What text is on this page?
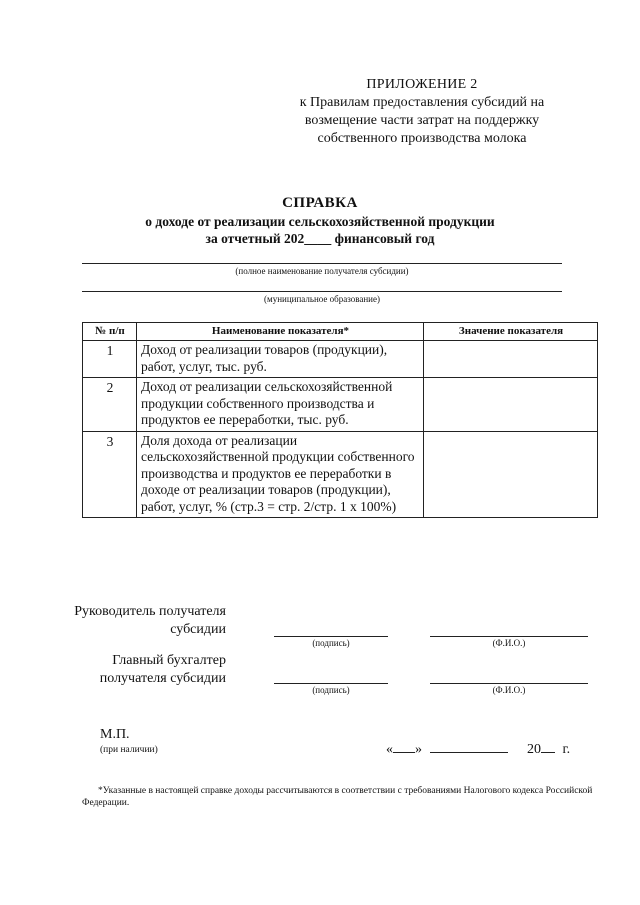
ПРИЛОЖЕНИЕ 2
к Правилам предоставления субсидий на возмещение части затрат на поддержку собственного производства молока
СПРАВКА
о доходе от реализации сельскохозяйственной продукции
за отчетный 202____ финансовый год
(полное наименование получателя субсидии)
(муниципальное образование)
№ п/п	Наименование показателя*	Значение показателя
1	Доход от реализации товаров (продукции), работ, услуг, тыс. руб.	
2	Доход от реализации сельскохозяйственной продукции собственного производства и продуктов ее переработки, тыс. руб.	
3	Доля дохода от реализации сельскохозяйственной продукции собственного производства и продуктов ее переработки в доходе от реализации товаров (продукции), работ, услуг, % (стр.3 = стр. 2/стр. 1 х 100%)	
Руководитель получателя субсидии
(подпись)	(Ф.И.О.)
Главный бухгалтер получателя субсидии
(подпись)	(Ф.И.О.)
М.П.
(при наличии)	« »	20 г.
*Указанные в настоящей справке доходы рассчитываются в соответствии с требованиями Налогового кодекса Российской Федерации.
